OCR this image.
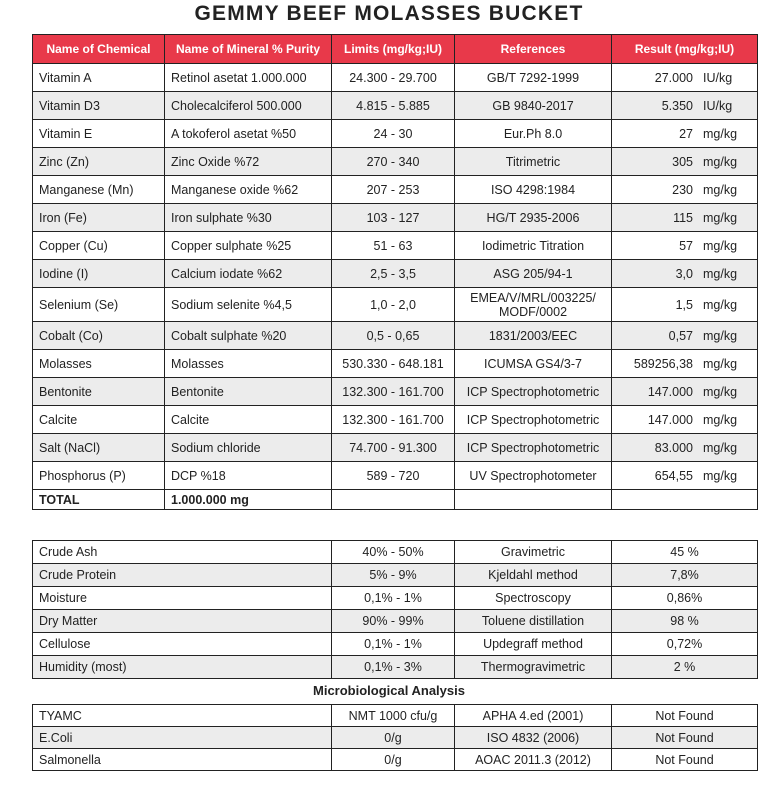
GEMMY BEEF MOLASSES BUCKET
Name of Chemical	Name of Mineral % Purity	Limits (mg/kg;IU)	References	Result (mg/kg;IU)
Vitamin A	Retinol asetat 1.000.000	24.300 - 29.700	GB/T 7292-1999	27.000 IU/kg

Vitamin D3	Cholecalciferol 500.000	4.815 - 5.885	GB 9840-2017	5.350 IU/kg

Vitamin E	A tokoferol asetat %50	24 - 30	Eur.Ph 8.0	27 mg/kg

Zinc (Zn)	Zinc Oxide %72	270 - 340	Titrimetric	305 mg/kg

Manganese (Mn)	Manganese oxide %62	207 - 253	ISO 4298:1984	230 mg/kg

Iron (Fe)	Iron sulphate %30	103 - 127	HG/T 2935-2006	115 mg/kg

Copper (Cu)	Copper sulphate %25	51 - 63	Iodimetric Titration	57 mg/kg

Iodine (I)	Calcium iodate %62	2,5 - 3,5	ASG 205/94-1	3,0 mg/kg

Selenium (Se)	Sodium selenite %4,5	1,0 - 2,0	EMEA/V/MRL/003225/ MODF/0002	1,5 mg/kg

Cobalt (Co)	Cobalt sulphate %20	0,5 - 0,65	1831/2003/EEC	0,57 mg/kg

Molasses	Molasses	530.330 - 648.181	ICUMSA GS4/3-7	589256,38 mg/kg

Bentonite	Bentonite	132.300 - 161.700	ICP Spectrophotometric	147.000 mg/kg

Calcite	Calcite	132.300 - 161.700	ICP Spectrophotometric	147.000 mg/kg

Salt (NaCl)	Sodium chloride	74.700 - 91.300	ICP Spectrophotometric	83.000 mg/kg

Phosphorus (P)	DCP %18	589 - 720	UV Spectrophotometer	654,55 mg/kg

TOTAL	1.000.000 mg			
Crude Ash	40% - 50%	Gravimetric	45 %
Crude Protein	5% - 9%	Kjeldahl method	7,8%
Moisture	0,1% - 1%	Spectroscopy	0,86%
Dry Matter	90% - 99%	Toluene distillation	98 %
Cellulose	0,1% - 1%	Updegraff method	0,72%
Humidity (most)	0,1% - 3%	Thermogravimetric	2 %
Microbiological Analysis
TYAMC	NMT 1000 cfu/g	APHA 4.ed (2001)	Not Found
E.Coli	0/g	ISO 4832 (2006)	Not Found
Salmonella	0/g	AOAC 2011.3 (2012)	Not Found
